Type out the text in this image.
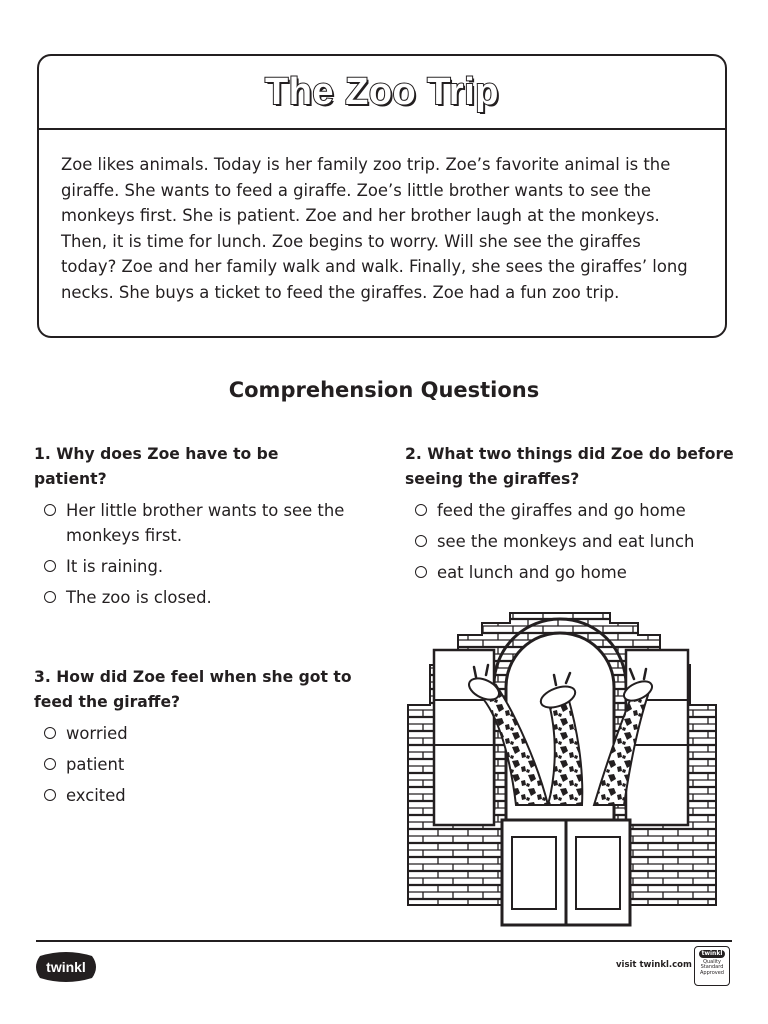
The Zoo Trip

Zoe likes animals. Today is her family zoo trip. Zoe’s favorite animal is the giraffe. She wants to feed a giraffe. Zoe’s little brother wants to see the monkeys first. She is patient. Zoe and her brother laugh at the monkeys. Then, it is time for lunch. Zoe begins to worry. Will she see the giraffes today? Zoe and her family walk and walk. Finally, she sees the giraffes’ long necks. She buys a ticket to feed the giraffes. Zoe had a fun zoo trip.

Comprehension Questions

1. Why does Zoe have to be patient?

Her little brother wants to see the monkeys first.
It is raining.
The zoo is closed.

2. What two things did Zoe do before seeing the giraffes?

feed the giraffes and go home
see the monkeys and eat lunch
eat lunch and go home

3. How did Zoe feel when she got to feed the giraffe?

worried
patient
excited
twinkl	visit twinkl.com
twinkl
Quality Standard Approved
